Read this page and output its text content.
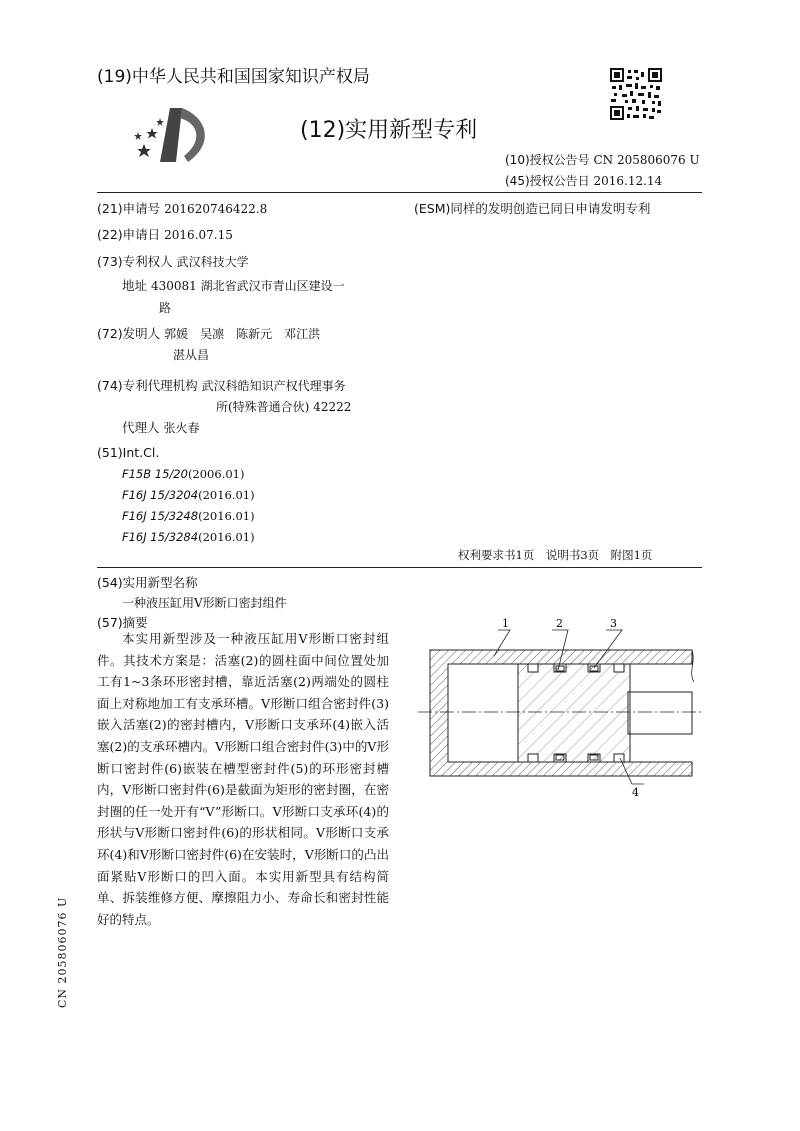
(19)中华人民共和国国家知识产权局
(12)实用新型专利
(10)授权公告号 CN 205806076 U
(45)授权公告日 2016.12.14
(21)申请号 201620746422.8	(ESM)同样的发明创造已同日申请发明专利
(22)申请日 2016.07.15
(73)专利权人 武汉科技大学
地址 430081 湖北省武汉市青山区建设一
路
(72)发明人 郭媛　吴凛　陈新元　邓江洪
湛从昌
(74)专利代理机构 武汉科皓知识产权代理事务
所(特殊普通合伙) 42222
代理人 张火春
(51)Int.Cl.
F15B 15/20(2006.01)
F16J 15/3204(2016.01)
F16J 15/3248(2016.01)
F16J 15/3284(2016.01)
权利要求书1页　说明书3页　附图1页
(54)实用新型名称
一种液压缸用V形断口密封组件
(57)摘要

本实用新型涉及一种液压缸用V形断口密封组件。其技术方案是：活塞(2)的圆柱面中间位置处加工有1~3条环形密封槽，靠近活塞(2)两端处的圆柱面上对称地加工有支承环槽。V形断口组合密封件(3)嵌入活塞(2)的密封槽内，V形断口支承环(4)嵌入活塞(2)的支承环槽内。V形断口组合密封件(3)中的V形断口密封件(6)嵌装在槽型密封件(5)的环形密封槽内，V形断口密封件(6)是截面为矩形的密封圈，在密封圈的任一处开有“V”形断口。V形断口支承环(4)的形状与V形断口密封件(6)的形状相同。V形断口支承环(4)和V形断口密封件(6)在安装时，V形断口的凸出面紧贴V形断口的凹入面。本实用新型具有结构简单、拆装维修方便、摩擦阻力小、寿命长和密封性能好的特点。

1	2	3
4
CN 205806076 U
